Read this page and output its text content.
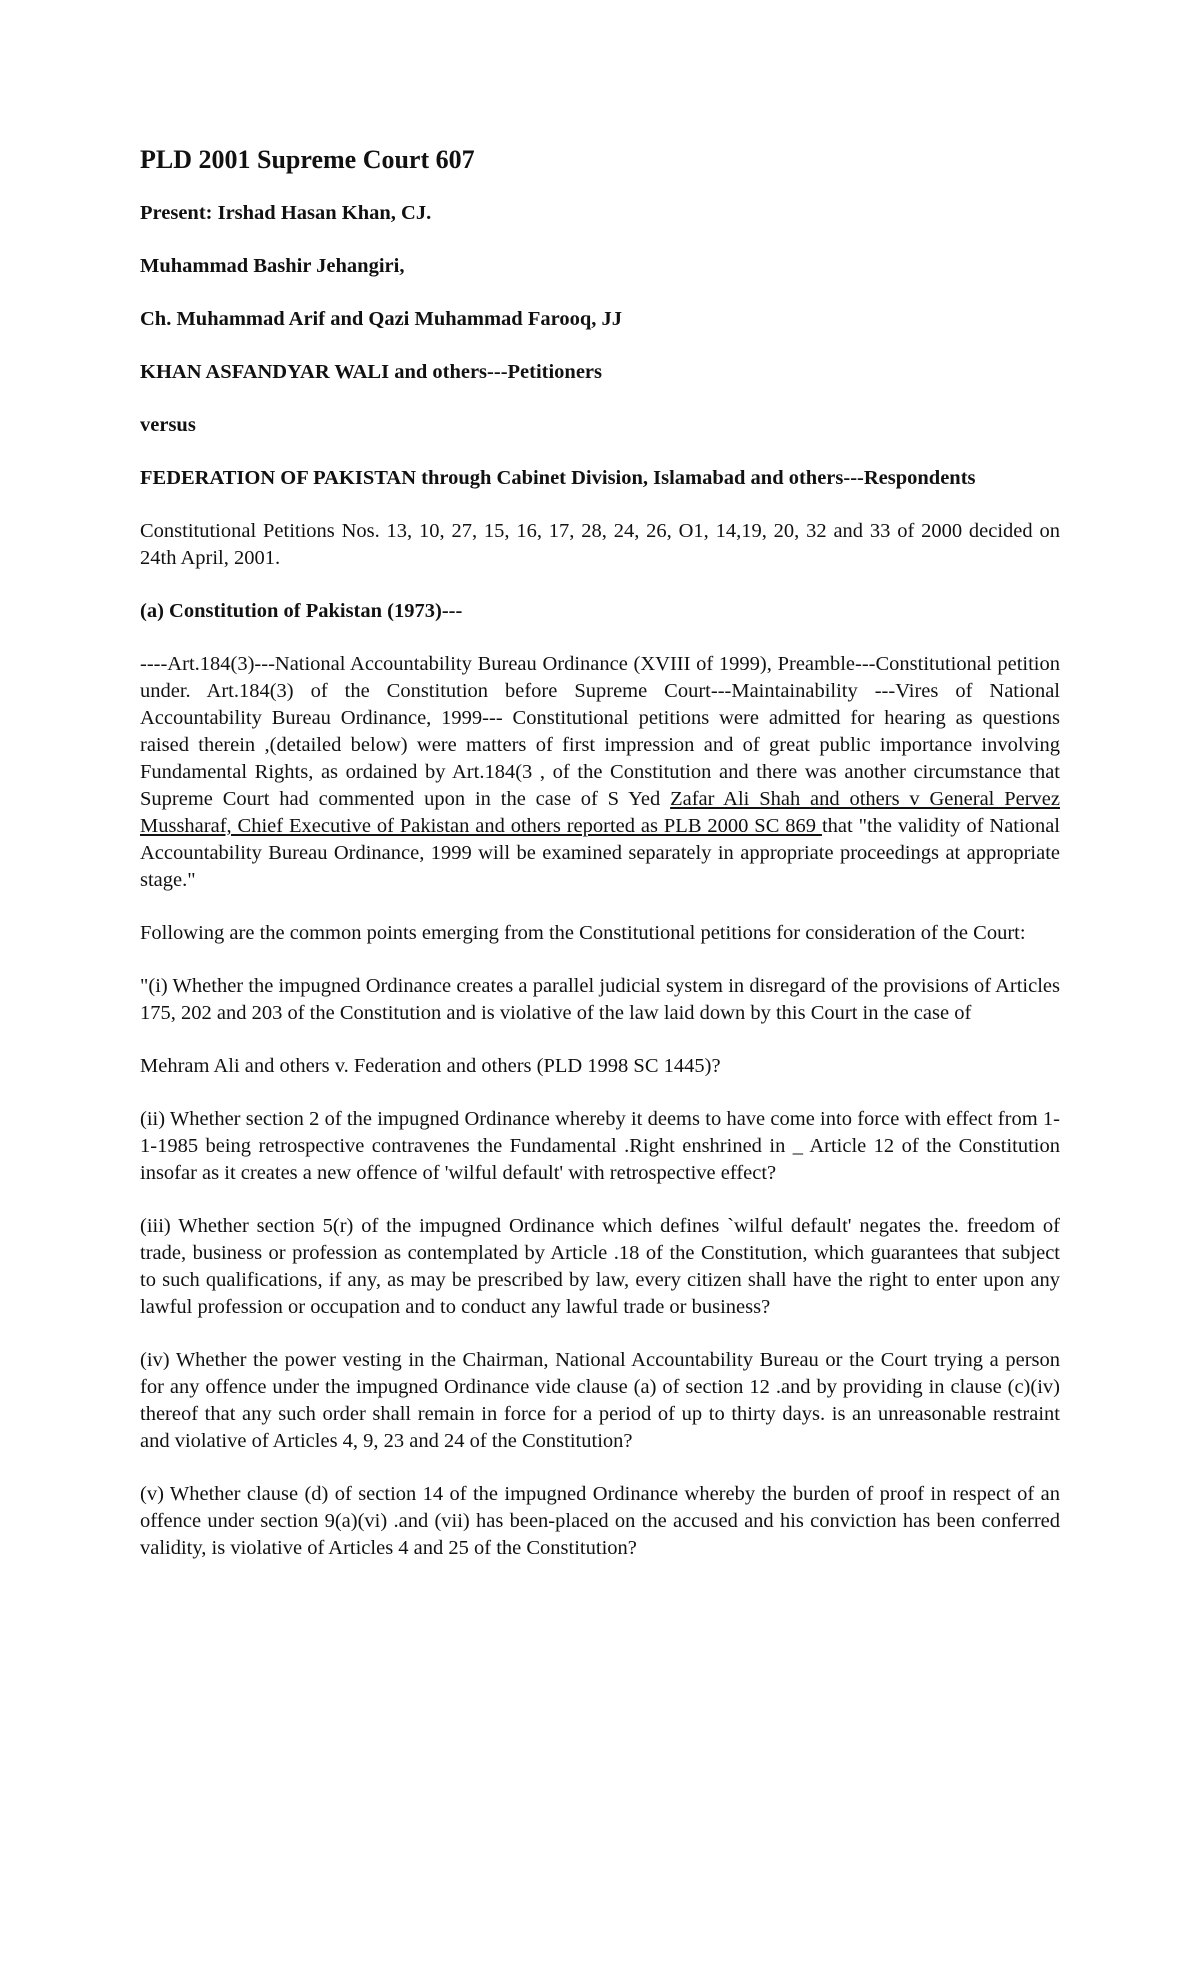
PLD 2001 Supreme Court 607

Present: Irshad Hasan Khan, CJ.

Muhammad Bashir Jehangiri,

Ch. Muhammad Arif and Qazi Muhammad Farooq, JJ

KHAN ASFANDYAR WALI and others---Petitioners

versus

FEDERATION OF PAKISTAN through Cabinet Division, Islamabad and others---Respondents

Constitutional Petitions Nos. 13, 10, 27, 15, 16, 17, 28, 24, 26, O1, 14,19, 20, 32 and 33 of 2000 decided on 24th April, 2001.

(a) Constitution of Pakistan (1973)---

----Art.184(3)---National Accountability Bureau Ordinance (XVIII of 1999), Preamble---Constitutional petition under. Art.184(3) of the Constitution before Supreme Court---Maintainability ---Vires of National Accountability Bureau Ordinance, 1999--- Constitutional petitions were admitted for hearing as questions raised therein ,(detailed below) were matters of first impression and of great public importance involving Fundamental Rights, as ordained by Art.184(3 , of the Constitution and there was another circumstance that Supreme Court had commented upon in the case of S Yed Zafar Ali Shah and others v General Pervez Mussharaf, Chief Executive of Pakistan and others reported as PLB 2000 SC 869 that "the validity of National Accountability Bureau Ordinance, 1999 will be examined separately in appropriate proceedings at appropriate stage."

Following are the common points emerging from the Constitutional petitions for consideration of the Court:

"(i) Whether the impugned Ordinance creates a parallel judicial system in disregard of the provisions of Articles 175, 202 and 203 of the Constitution and is violative of the law laid down by this Court in the case of

Mehram Ali and others v. Federation and others (PLD 1998 SC 1445)?

(ii) Whether section 2 of the impugned Ordinance whereby it deems to have come into force with effect from 1-1-1985 being retrospective contravenes the Fundamental .Right enshrined in _ Article 12 of the Constitution insofar as it creates a new offence of 'wilful default' with retrospective effect?

(iii) Whether section 5(r) of the impugned Ordinance which defines `wilful default' negates the. freedom of trade, business or profession as contemplated by Article .18 of the Constitution, which guarantees that subject to such qualifications, if any, as may be prescribed by law, every citizen shall have the right to enter upon any lawful profession or occupation and to conduct any lawful trade or business?

(iv) Whether the power vesting in the Chairman, National Accountability Bureau or the Court trying a person for any offence under the impugned Ordinance vide clause (a) of section 12 .and by providing in clause (c)(iv) thereof that any such order shall remain in force for a period of up to thirty days. is an unreasonable restraint and violative of Articles 4, 9, 23 and 24 of the Constitution?

(v) Whether clause (d) of section 14 of the impugned Ordinance whereby the burden of proof in respect of an offence under section 9(a)(vi) .and (vii) has been-placed on the accused and his conviction has been conferred validity, is violative of Articles 4 and 25 of the Constitution?
